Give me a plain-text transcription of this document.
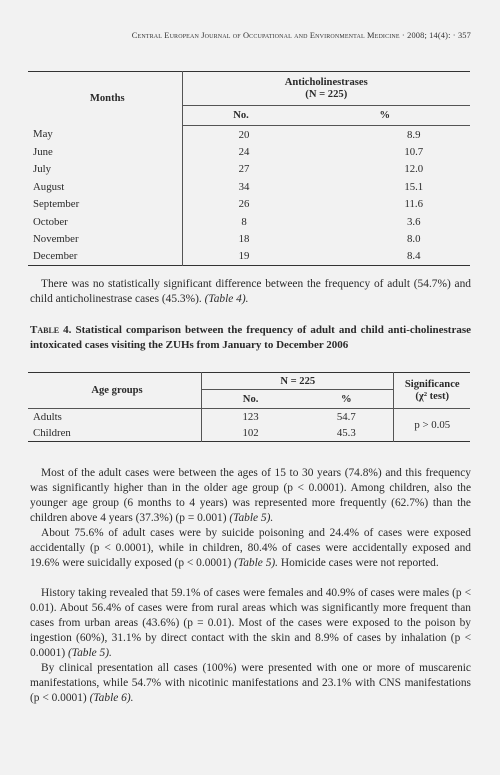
Central European Journal of Occupational and Environmental Medicine · 2008; 14(4): · 357
Months	Anticholinestrases
(N = 225)	
	No.	%
May	20	8.9
June	24	10.7
July	27	12.0
August	34	15.1
September	26	11.6
October	8	3.6
November	18	8.0
December	19	8.4
There was no statistically significant difference between the frequency of adult (54.7%) and child anticholinestrase cases (45.3%). (Table 4).
Table 4. Statistical comparison between the frequency of adult and child anti-cholinestrase intoxicated cases visiting the ZUHs from January to December 2006
Age groups	N = 225		Significance
(χ² test)
	No.	%	
Adults	123	54.7	p > 0.05
Children	102	45.3	
Most of the adult cases were between the ages of 15 to 30 years (74.8%) and this frequency was significantly higher than in the older age group (p < 0.0001). Among children, also the younger age group (6 months to 4 years) was represented more frequently (62.7%) than the children above 4 years (37.3%) (p = 0.001) (Table 5).
About 75.6% of adult cases were by suicide poisoning and 24.4% of cases were exposed accidentally (p < 0.0001), while in children, 80.4% of cases were accidentally exposed and 19.6% were suicidally exposed (p < 0.0001) (Table 5). Homicide cases were not reported.
History taking revealed that 59.1% of cases were females and 40.9% of cases were males (p < 0.01). About 56.4% of cases were from rural areas which was significantly more frequent than cases from urban areas (43.6%) (p = 0.01). Most of the cases were exposed to the poison by ingestion (60%), 31.1% by direct contact with the skin and 8.9% of cases by inhalation (p < 0.0001) (Table 5).
By clinical presentation all cases (100%) were presented with one or more of muscarenic manifestations, while 54.7% with nicotinic manifestations and 23.1% with CNS manifestations (p < 0.0001) (Table 6).
